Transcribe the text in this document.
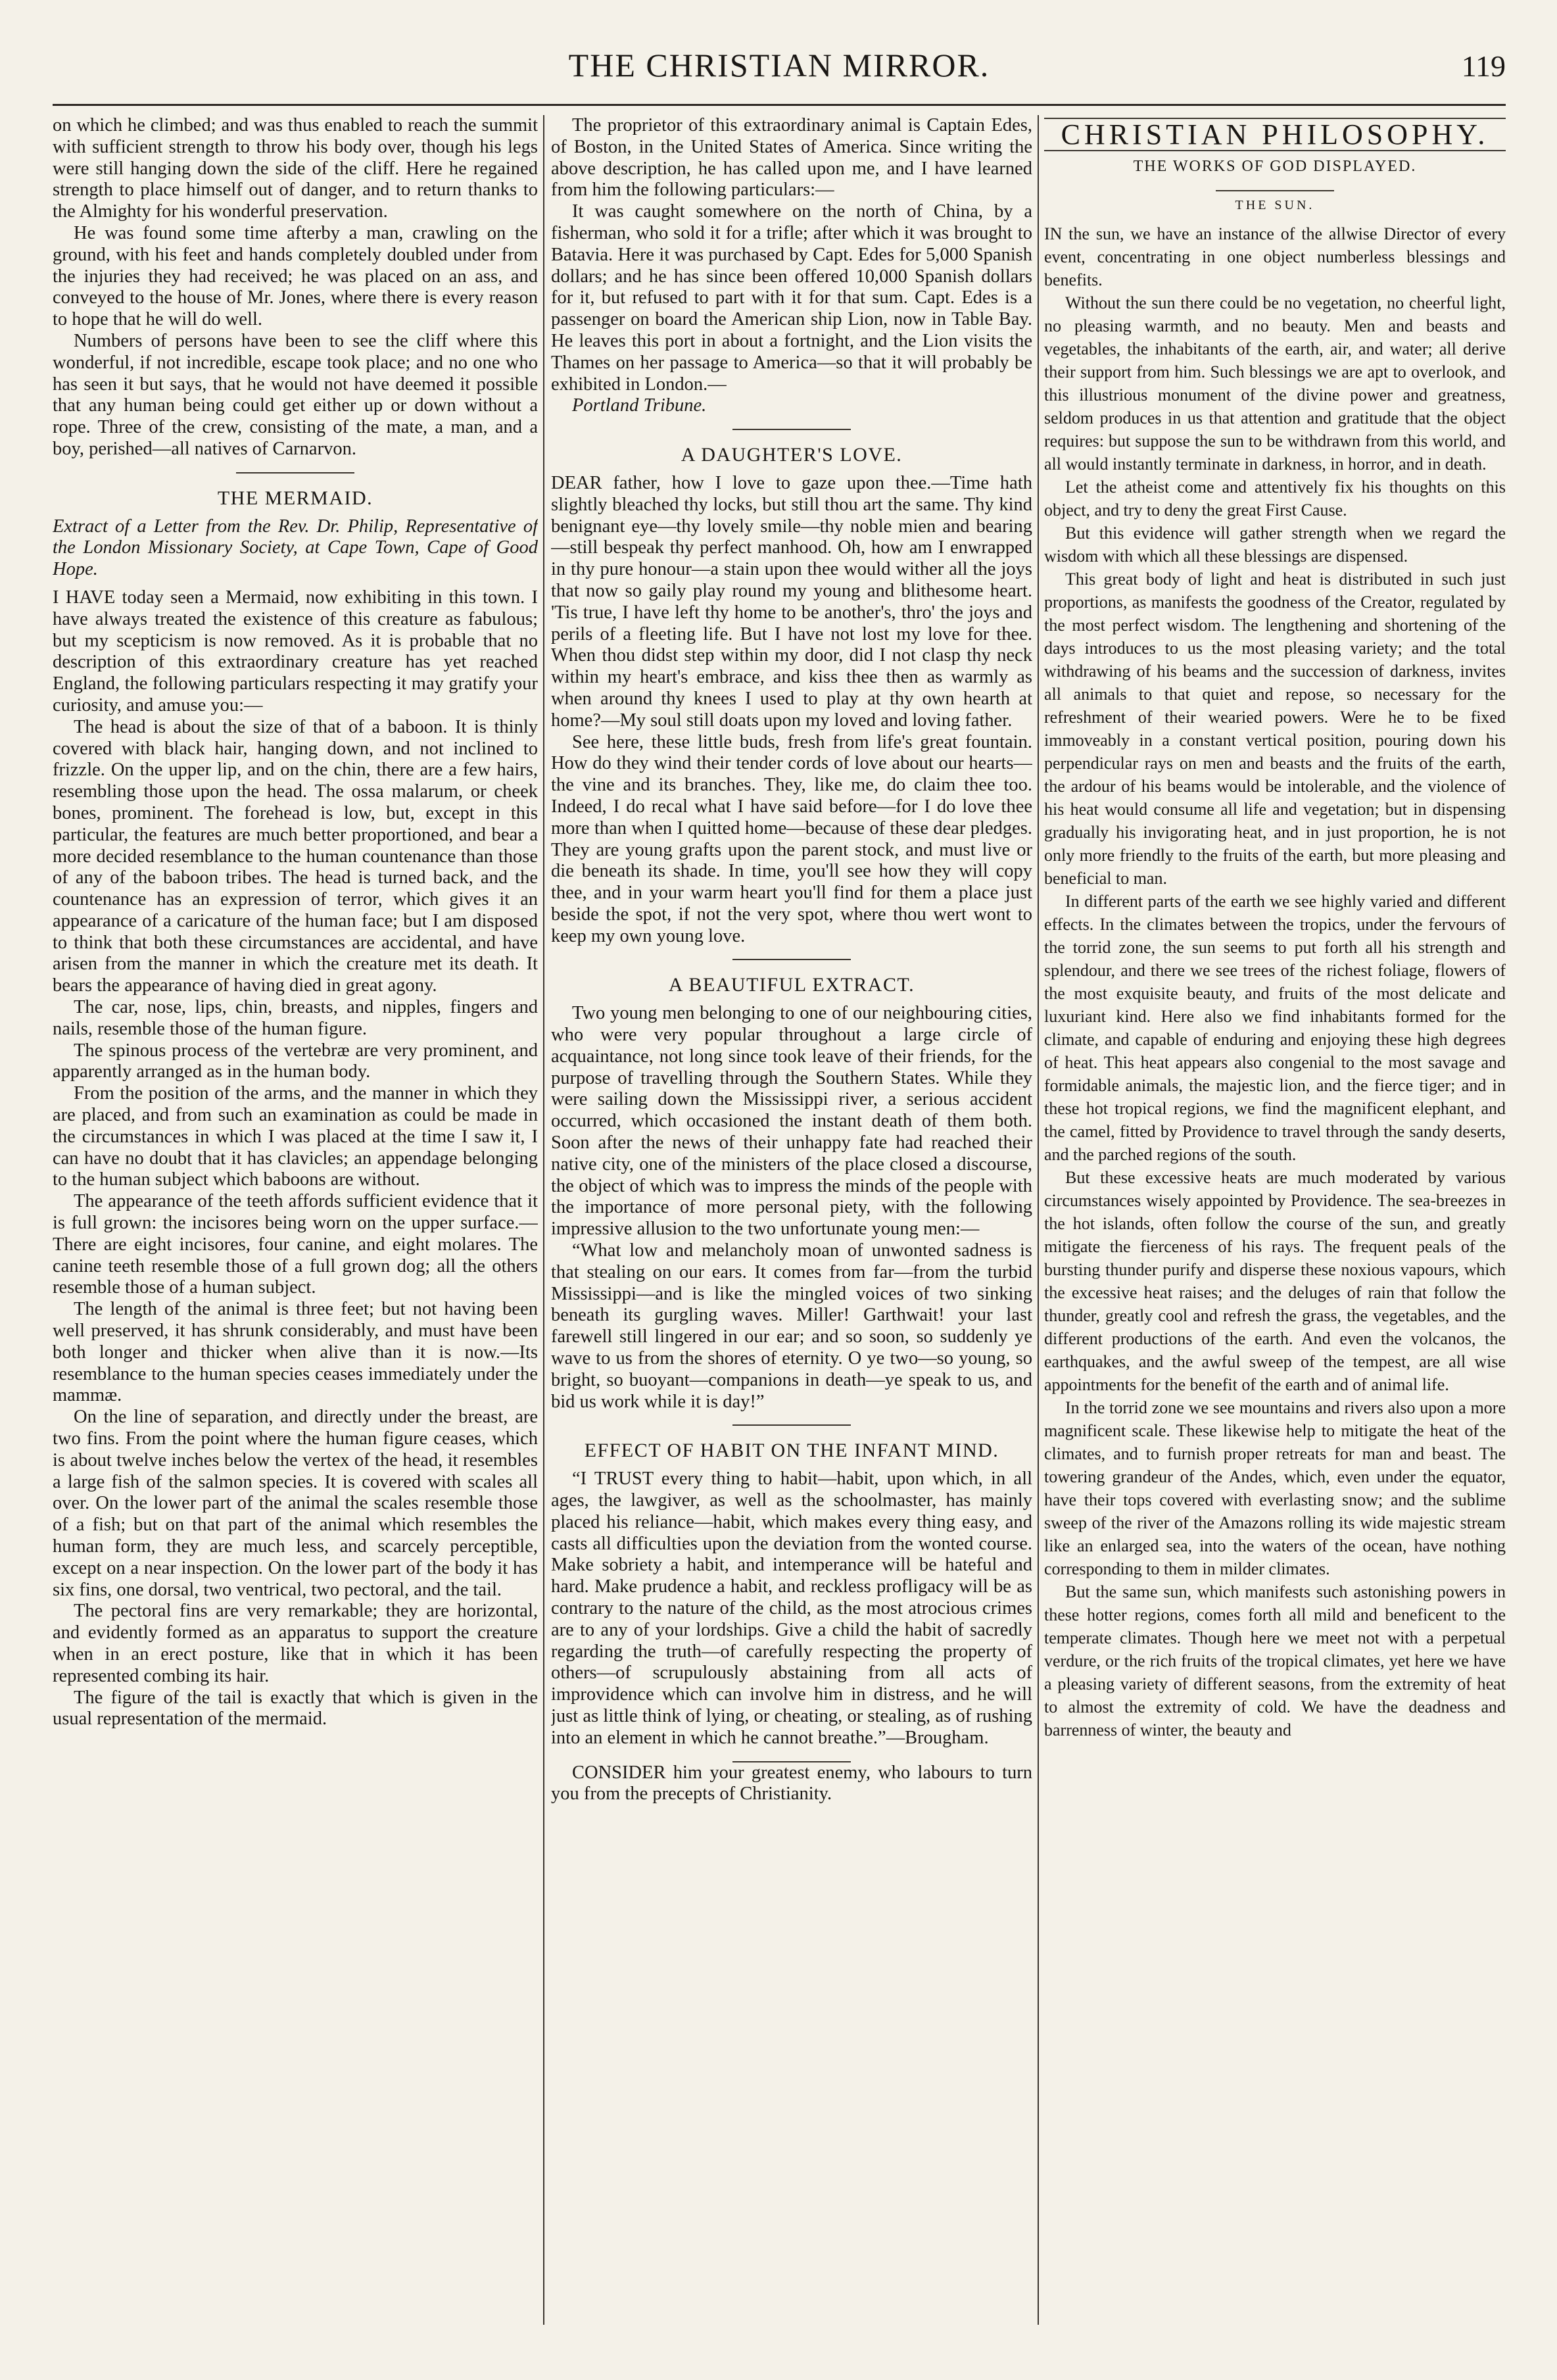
THE CHRISTIAN MIRROR.	119

on which he climbed; and was thus enabled to reach the summit with sufficient strength to throw his body over, though his legs were still hanging down the side of the cliff. Here he regained strength to place himself out of danger, and to return thanks to the Almighty for his wonderful preservation.

He was found some time afterby a man, crawling on the ground, with his feet and hands completely doubled under from the injuries they had received; he was placed on an ass, and conveyed to the house of Mr. Jones, where there is every reason to hope that he will do well.

Numbers of persons have been to see the cliff where this wonderful, if not incredible, escape took place; and no one who has seen it but says, that he would not have deemed it possible that any human being could get either up or down without a rope. Three of the crew, consisting of the mate, a man, and a boy, perished—all natives of Carnarvon.

THE MERMAID.

Extract of a Letter from the Rev. Dr. Philip, Representative of the London Missionary Society, at Cape Town, Cape of Good Hope.

I HAVE today seen a Mermaid, now exhibiting in this town. I have always treated the existence of this creature as fabulous; but my scepticism is now removed. As it is probable that no description of this extraordinary creature has yet reached England, the following particulars respecting it may gratify your curiosity, and amuse you:—

The head is about the size of that of a baboon. It is thinly covered with black hair, hanging down, and not inclined to frizzle. On the upper lip, and on the chin, there are a few hairs, resembling those upon the head. The ossa malarum, or cheek bones, prominent. The forehead is low, but, except in this particular, the features are much better proportioned, and bear a more decided resemblance to the human countenance than those of any of the baboon tribes. The head is turned back, and the countenance has an expression of terror, which gives it an appearance of a caricature of the human face; but I am disposed to think that both these circumstances are accidental, and have arisen from the manner in which the creature met its death. It bears the appearance of having died in great agony.

The car, nose, lips, chin, breasts, and nipples, fingers and nails, resemble those of the human figure.

The spinous process of the vertebræ are very prominent, and apparently arranged as in the human body.

From the position of the arms, and the manner in which they are placed, and from such an examination as could be made in the circumstances in which I was placed at the time I saw it, I can have no doubt that it has clavicles; an appendage belonging to the human subject which baboons are without.

The appearance of the teeth affords sufficient evidence that it is full grown: the incisores being worn on the upper surface.—There are eight incisores, four canine, and eight molares. The canine teeth resemble those of a full grown dog; all the others resemble those of a human subject.

The length of the animal is three feet; but not having been well preserved, it has shrunk considerably, and must have been both longer and thicker when alive than it is now.—Its resemblance to the human species ceases immediately under the mammæ.

On the line of separation, and directly under the breast, are two fins. From the point where the human figure ceases, which is about twelve inches below the vertex of the head, it resembles a large fish of the salmon species. It is covered with scales all over. On the lower part of the animal the scales resemble those of a fish; but on that part of the animal which resembles the human form, they are much less, and scarcely perceptible, except on a near inspection. On the lower part of the body it has six fins, one dorsal, two ventrical, two pectoral, and the tail.

The pectoral fins are very remarkable; they are horizontal, and evidently formed as an apparatus to support the creature when in an erect posture, like that in which it has been represented combing its hair.

The figure of the tail is exactly that which is given in the usual representation of the mermaid.

The proprietor of this extraordinary animal is Captain Edes, of Boston, in the United States of America. Since writing the above description, he has called upon me, and I have learned from him the following particulars:—

It was caught somewhere on the north of China, by a fisherman, who sold it for a trifle; after which it was brought to Batavia. Here it was purchased by Capt. Edes for 5,000 Spanish dollars; and he has since been offered 10,000 Spanish dollars for it, but refused to part with it for that sum. Capt. Edes is a passenger on board the American ship Lion, now in Table Bay. He leaves this port in about a fortnight, and the Lion visits the Thames on her passage to America—so that it will probably be exhibited in London.—

Portland Tribune.

A DAUGHTER'S LOVE.

DEAR father, how I love to gaze upon thee.—Time hath slightly bleached thy locks, but still thou art the same. Thy kind benignant eye—thy lovely smile—thy noble mien and bearing—still bespeak thy perfect manhood. Oh, how am I enwrapped in thy pure honour—a stain upon thee would wither all the joys that now so gaily play round my young and blithesome heart. 'Tis true, I have left thy home to be another's, thro' the joys and perils of a fleeting life. But I have not lost my love for thee. When thou didst step within my door, did I not clasp thy neck within my heart's embrace, and kiss thee then as warmly as when around thy knees I used to play at thy own hearth at home?—My soul still doats upon my loved and loving father.

See here, these little buds, fresh from life's great fountain. How do they wind their tender cords of love about our hearts—the vine and its branches. They, like me, do claim thee too. Indeed, I do recal what I have said before—for I do love thee more than when I quitted home—because of these dear pledges. They are young grafts upon the parent stock, and must live or die beneath its shade. In time, you'll see how they will copy thee, and in your warm heart you'll find for them a place just beside the spot, if not the very spot, where thou wert wont to keep my own young love.

A BEAUTIFUL EXTRACT.

Two young men belonging to one of our neighbouring cities, who were very popular throughout a large circle of acquaintance, not long since took leave of their friends, for the purpose of travelling through the Southern States. While they were sailing down the Mississippi river, a serious accident occurred, which occasioned the instant death of them both. Soon after the news of their unhappy fate had reached their native city, one of the ministers of the place closed a discourse, the object of which was to impress the minds of the people with the importance of more personal piety, with the following impressive allusion to the two unfortunate young men:—

“What low and melancholy moan of unwonted sadness is that stealing on our ears. It comes from far—from the turbid Mississippi—and is like the mingled voices of two sinking beneath its gurgling waves. Miller! Garthwait! your last farewell still lingered in our ear; and so soon, so suddenly ye wave to us from the shores of eternity. O ye two—so young, so bright, so buoyant—companions in death—ye speak to us, and bid us work while it is day!”

EFFECT OF HABIT ON THE INFANT MIND.

“I TRUST every thing to habit—habit, upon which, in all ages, the lawgiver, as well as the schoolmaster, has mainly placed his reliance—habit, which makes every thing easy, and casts all difficulties upon the deviation from the wonted course. Make sobriety a habit, and intemperance will be hateful and hard. Make prudence a habit, and reckless profligacy will be as contrary to the nature of the child, as the most atrocious crimes are to any of your lordships. Give a child the habit of sacredly regarding the truth—of carefully respecting the property of others—of scrupulously abstaining from all acts of improvidence which can involve him in distress, and he will just as little think of lying, or cheating, or stealing, as of rushing into an element in which he cannot breathe.”—Brougham.

CONSIDER him your greatest enemy, who labours to turn you from the precepts of Christianity.

CHRISTIAN PHILOSOPHY.
THE WORKS OF GOD DISPLAYED.
THE SUN.

IN the sun, we have an instance of the allwise Director of every event, concentrating in one object numberless blessings and benefits.

Without the sun there could be no vegetation, no cheerful light, no pleasing warmth, and no beauty. Men and beasts and vegetables, the inhabitants of the earth, air, and water; all derive their support from him. Such blessings we are apt to overlook, and this illustrious monument of the divine power and greatness, seldom produces in us that attention and gratitude that the object requires: but suppose the sun to be withdrawn from this world, and all would instantly terminate in darkness, in horror, and in death.

Let the atheist come and attentively fix his thoughts on this object, and try to deny the great First Cause.

But this evidence will gather strength when we regard the wisdom with which all these blessings are dispensed.

This great body of light and heat is distributed in such just proportions, as manifests the goodness of the Creator, regulated by the most perfect wisdom. The lengthening and shortening of the days introduces to us the most pleasing variety; and the total withdrawing of his beams and the succession of darkness, invites all animals to that quiet and repose, so necessary for the refreshment of their wearied powers. Were he to be fixed immoveably in a constant vertical position, pouring down his perpendicular rays on men and beasts and the fruits of the earth, the ardour of his beams would be intolerable, and the violence of his heat would consume all life and vegetation; but in dispensing gradually his invigorating heat, and in just proportion, he is not only more friendly to the fruits of the earth, but more pleasing and beneficial to man.

In different parts of the earth we see highly varied and different effects. In the climates between the tropics, under the fervours of the torrid zone, the sun seems to put forth all his strength and splendour, and there we see trees of the richest foliage, flowers of the most exquisite beauty, and fruits of the most delicate and luxuriant kind. Here also we find inhabitants formed for the climate, and capable of enduring and enjoying these high degrees of heat. This heat appears also congenial to the most savage and formidable animals, the majestic lion, and the fierce tiger; and in these hot tropical regions, we find the magnificent elephant, and the camel, fitted by Providence to travel through the sandy deserts, and the parched regions of the south.

But these excessive heats are much moderated by various circumstances wisely appointed by Providence. The sea-breezes in the hot islands, often follow the course of the sun, and greatly mitigate the fierceness of his rays. The frequent peals of the bursting thunder purify and disperse these noxious vapours, which the excessive heat raises; and the deluges of rain that follow the thunder, greatly cool and refresh the grass, the vegetables, and the different productions of the earth. And even the volcanos, the earthquakes, and the awful sweep of the tempest, are all wise appointments for the benefit of the earth and of animal life.

In the torrid zone we see mountains and rivers also upon a more magnificent scale. These likewise help to mitigate the heat of the climates, and to furnish proper retreats for man and beast. The towering grandeur of the Andes, which, even under the equator, have their tops covered with everlasting snow; and the sublime sweep of the river of the Amazons rolling its wide majestic stream like an enlarged sea, into the waters of the ocean, have nothing corresponding to them in milder climates.

But the same sun, which manifests such astonishing powers in these hotter regions, comes forth all mild and beneficent to the temperate climates. Though here we meet not with a perpetual verdure, or the rich fruits of the tropical climates, yet here we have a pleasing variety of different seasons, from the extremity of heat to almost the extremity of cold. We have the deadness and barrenness of winter, the beauty and
